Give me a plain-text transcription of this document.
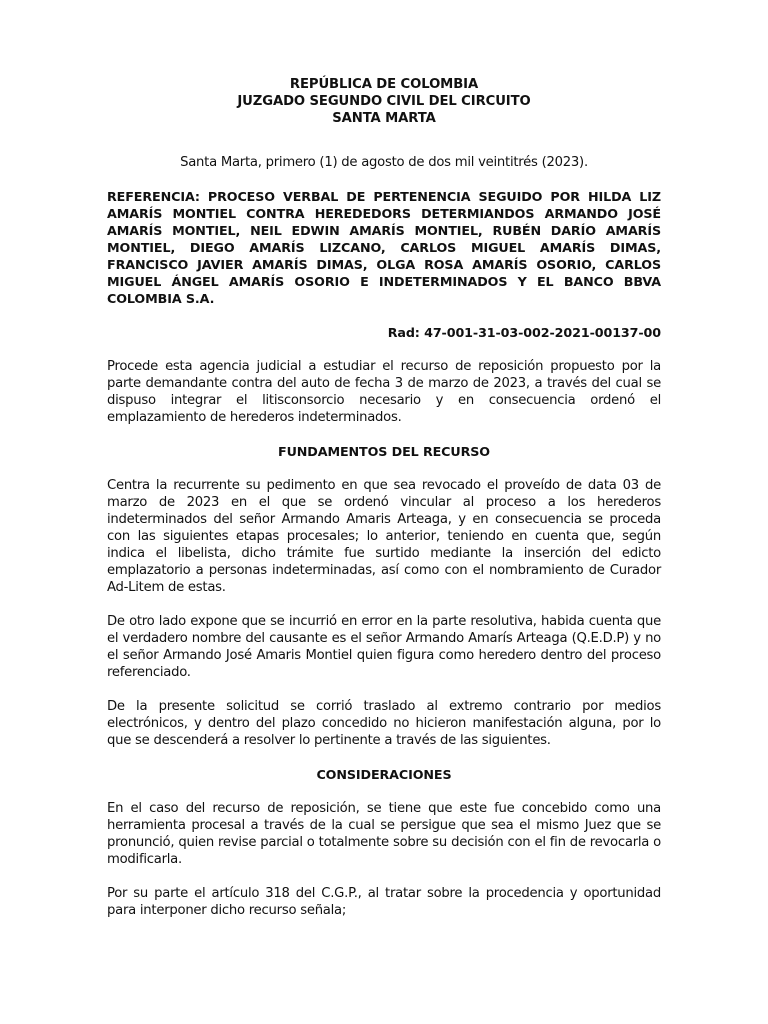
REPÚBLICA DE COLOMBIA
JUZGADO SEGUNDO CIVIL DEL CIRCUITO
SANTA MARTA
Santa Marta, primero (1) de agosto de dos mil veintitrés (2023).
REFERENCIA: PROCESO VERBAL DE PERTENENCIA SEGUIDO POR HILDA LIZ AMARÍS MONTIEL CONTRA HEREDEDORS DETERMIANDOS ARMANDO JOSÉ AMARÍS MONTIEL, NEIL EDWIN AMARÍS MONTIEL, RUBÉN DARÍO AMARÍS MONTIEL, DIEGO AMARÍS LIZCANO, CARLOS MIGUEL AMARÍS DIMAS, FRANCISCO JAVIER AMARÍS DIMAS, OLGA ROSA AMARÍS OSORIO, CARLOS MIGUEL ÁNGEL AMARÍS OSORIO E INDETERMINADOS Y EL BANCO BBVA COLOMBIA S.A.
Rad: 47-001-31-03-002-2021-00137-00

Procede esta agencia judicial a estudiar el recurso de reposición propuesto por la parte demandante contra del auto de fecha 3 de marzo de 2023, a través del cual se dispuso integrar el litisconsorcio necesario y en consecuencia ordenó el emplazamiento de herederos indeterminados.

FUNDAMENTOS DEL RECURSO

Centra la recurrente su pedimento en que sea revocado el proveído de data 03 de marzo de 2023 en el que se ordenó vincular al proceso a los herederos indeterminados del señor Armando Amaris Arteaga, y en consecuencia se proceda con las siguientes etapas procesales; lo anterior, teniendo en cuenta que, según indica el libelista, dicho trámite fue surtido mediante la inserción del edicto emplazatorio a personas indeterminadas, así como con el nombramiento de Curador Ad-Litem de estas.

De otro lado expone que se incurrió en error en la parte resolutiva, habida cuenta que el verdadero nombre del causante es el señor Armando Amarís Arteaga (Q.E.D.P) y no el señor Armando José Amaris Montiel quien figura como heredero dentro del proceso referenciado.

De la presente solicitud se corrió traslado al extremo contrario por medios electrónicos, y dentro del plazo concedido no hicieron manifestación alguna, por lo que se descenderá a resolver lo pertinente a través de las siguientes.

CONSIDERACIONES

En el caso del recurso de reposición, se tiene que este fue concebido como una herramienta procesal a través de la cual se persigue que sea el mismo Juez que se pronunció, quien revise parcial o totalmente sobre su decisión con el fin de revocarla o modificarla.

Por su parte el artículo 318 del C.G.P., al tratar sobre la procedencia y oportunidad para interponer dicho recurso señala;
